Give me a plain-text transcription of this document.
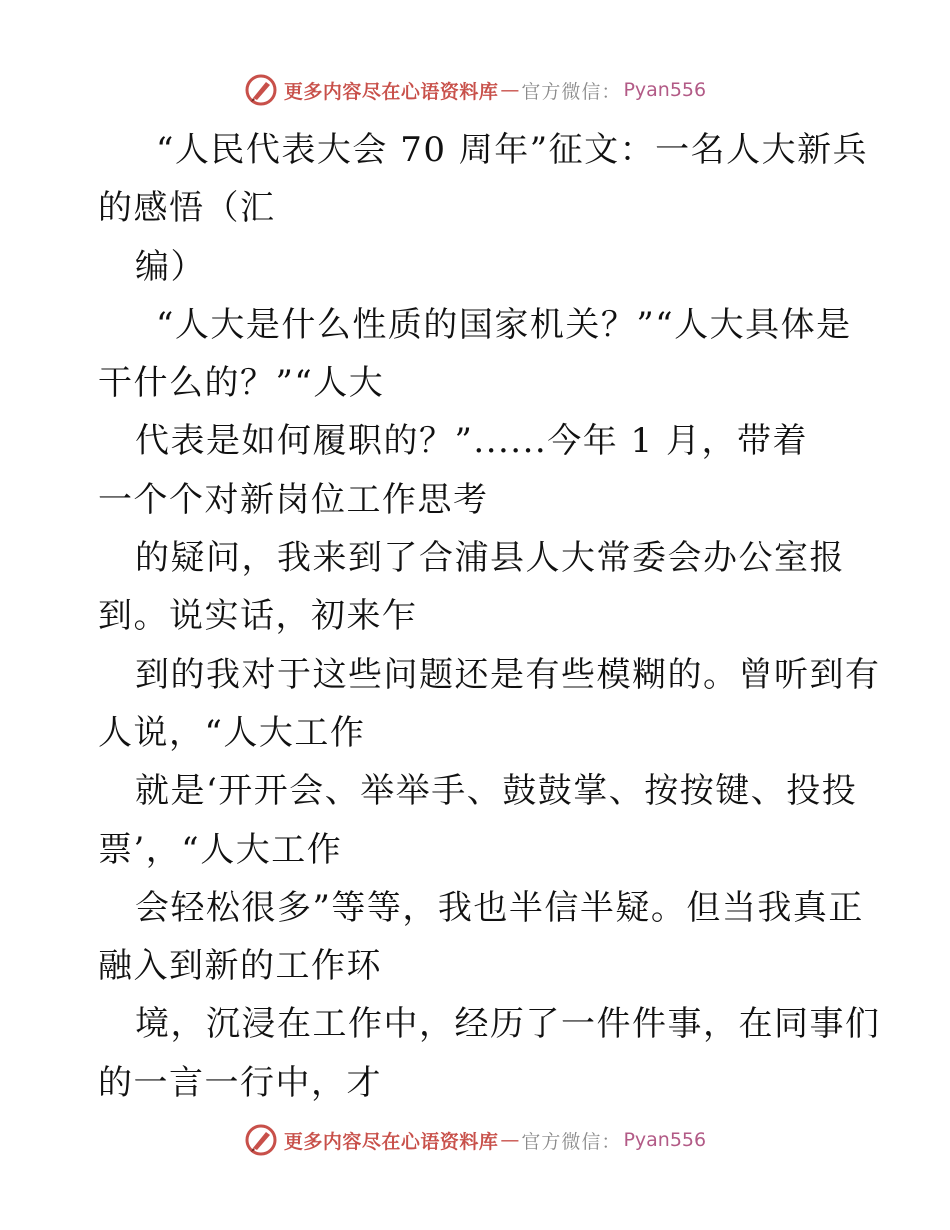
更多内容尽在心语资料库 — 官方微信： Pyan556
“人民代表大会 70 周年”征文：一名人大新兵
的感悟（汇
编）
“人大是什么性质的国家机关？”“人大具体是
干什么的？”“人大
代表是如何履职的？”......今年 1 月，带着
一个个对新岗位工作思考
的疑问，我来到了合浦县人大常委会办公室报
到。说实话，初来乍
到的我对于这些问题还是有些模糊的。曾听到有
人说，“人大工作
就是‘开开会、举举手、鼓鼓掌、按按键、投投
票’，“人大工作
会轻松很多”等等，我也半信半疑。但当我真正
融入到新的工作环
境，沉浸在工作中，经历了一件件事，在同事们
的一言一行中，才
更多内容尽在心语资料库 — 官方微信： Pyan556
